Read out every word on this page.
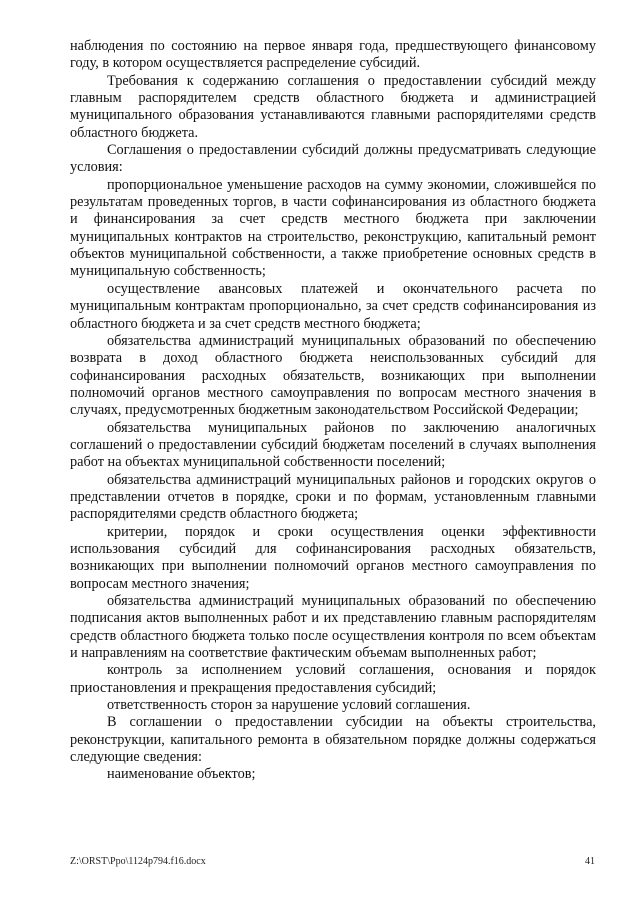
наблюдения по состоянию на первое января года, предшествующего финансовому году, в котором осуществляется распределение субсидий.

Требования к содержанию соглашения о предоставлении субсидий между главным распорядителем средств областного бюджета и администрацией муниципального образования устанавливаются главными распорядителями средств областного бюджета.

Соглашения о предоставлении субсидий должны предусматривать следующие условия:

пропорциональное уменьшение расходов на сумму экономии, сложившейся по результатам проведенных торгов, в части софинансирования из областного бюджета и финансирования за счет средств местного бюджета при заключении муниципальных контрактов на строительство, реконструкцию, капитальный ремонт объектов муниципальной собственности, а также приобретение основных средств в муниципальную собственность;

осуществление авансовых платежей и окончательного расчета по муниципальным контрактам пропорционально, за счет средств софинансирования из областного бюджета и за счет средств местного бюджета;

обязательства администраций муниципальных образований по обеспечению возврата в доход областного бюджета неиспользованных субсидий для софинансирования расходных обязательств, возникающих при выполнении полномочий органов местного самоуправления по вопросам местного значения в случаях, предусмотренных бюджетным законодательством Российской Федерации;

обязательства муниципальных районов по заключению аналогичных соглашений о предоставлении субсидий бюджетам поселений в случаях выполнения работ на объектах муниципальной собственности поселений;

обязательства администраций муниципальных районов и городских округов о представлении отчетов в порядке, сроки и по формам, установленным главными распорядителями средств областного бюджета;

критерии, порядок и сроки осуществления оценки эффективности использования субсидий для софинансирования расходных обязательств, возникающих при выполнении полномочий органов местного самоуправления по вопросам местного значения;

обязательства администраций муниципальных образований по обеспечению подписания актов выполненных работ и их представлению главным распорядителям средств областного бюджета только после осуществления контроля по всем объектам и направлениям на соответствие фактическим объемам выполненных работ;

контроль за исполнением условий соглашения, основания и порядок приостановления и прекращения предоставления субсидий;

ответственность сторон за нарушение условий соглашения.

В соглашении о предоставлении субсидии на объекты строительства, реконструкции, капитального ремонта в обязательном порядке должны содержаться следующие сведения:

наименование объектов;

Z:\ORST\Ppo\1124p794.f16.docx	41
